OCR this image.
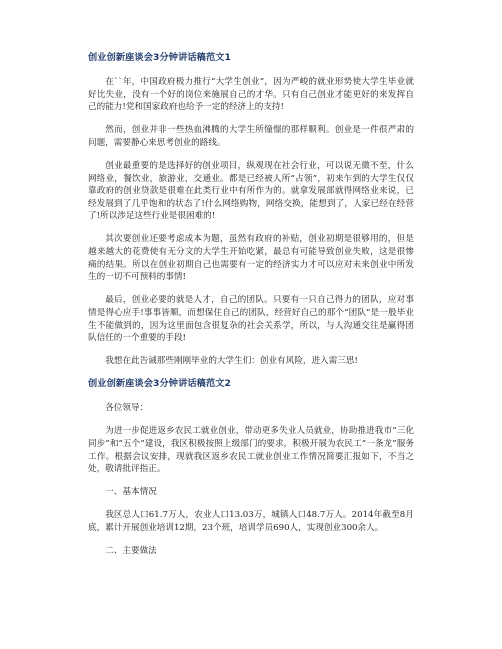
创业创新座谈会3分钟讲话稿范文1

在``年，中国政府极力推行“大学生创业”，因为严峻的就业形势使大学生毕业就好比失业，没有一个好的岗位来施展自己的才华。只有自己创业才能更好的来发挥自己的能力!党和国家政府也给予一定的经济上的支持!

然而，创业并非一些热血沸腾的大学生所憧憬的那样顺利。创业是一件很严肃的问题，需要静心来思考创业的路线。

创业最重要的是选择好的创业项目，纵观现在社会行业，可以说无微不至，什么网络业，餐饮业，旅游业，交通业。都是已经被人所“占领”，初来乍到的大学生仅仅靠政府的创业贷款是很难在此类行业中有所作为的。就拿发展部就得网络业来说，已经发展到了几乎饱和的状态了!什么网络购物，网络交换，能想到了，人家已经在经营了!所以涉足这些行业是很困难的!

其次要创业还要考虑成本为题，虽然有政府的补贴，创业初期是很够用的，但是越来越大的花费使有无分文的大学生开始吃紧，最总有可能导致创业失败，这是很惨痛的结果。所以在创业初期自己也需要有一定的经济实力才可以应对未来创业中所发生的一切不可预料的事情!

最后，创业必要的就是人才，自己的团队。只要有一只自己得力的团队，应对事情是得心应手!事事皆顺，而想保住自己的团队，经营好自己的那个“团队”是一般毕业生不能做到的，因为这里面包含很复杂的社会关系学，所以，与人沟通交往是赢得团队信任的一个重要的手段!

我想在此告诫那些刚刚毕业的大学生们：创业有风险，进入需三思!

创业创新座谈会3分钟讲话稿范文2

各位领导：

为进一步促进返乡农民工就业创业，带动更多失业人员就业，协助推进我市“三化同步”和“五个”建设，我区积极按照上级部门的要求，积极开展为农民工“一条龙”服务工作。根据会议安排，现就我区返乡农民工就业创业工作情况简要汇报如下，不当之处，敬请批评指正。

一、基本情况

我区总人口61.7万人，农业人口13.03万，城镇人口48.7万人。2014年截至8月底，累计开展创业培训12期，23个班，培训学员690人，实现创业300余人。

二、主要做法
